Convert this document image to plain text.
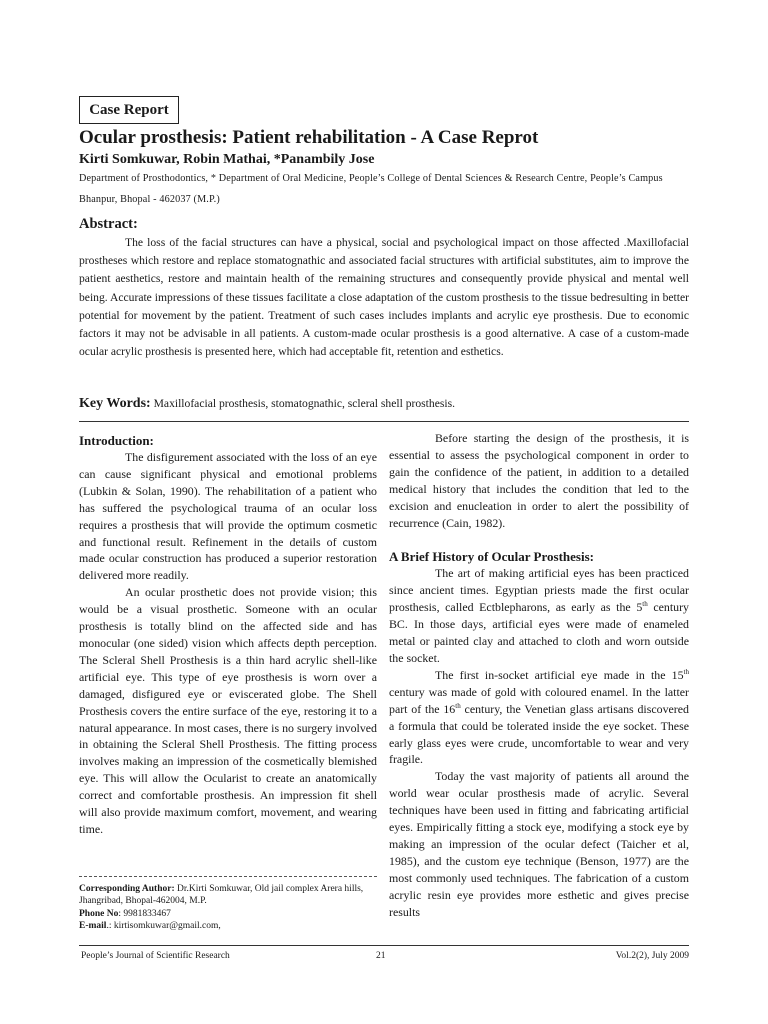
Case Report
Ocular prosthesis: Patient rehabilitation - A Case Reprot
Kirti Somkuwar, Robin Mathai, *Panambily Jose
Department of Prosthodontics, * Department of Oral Medicine, People’s College of Dental Sciences & Research Centre, People’s Campus
Bhanpur, Bhopal - 462037 (M.P.)
Abstract:
The loss of the facial structures can have a physical, social and psychological impact on those affected .Maxillofacial prostheses which restore and replace stomatognathic and associated facial structures with artificial substitutes, aim to improve the patient aesthetics, restore and maintain health of the remaining structures and consequently provide physical and mental well being. Accurate impressions of these tissues facilitate a close adaptation of the custom prosthesis to the tissue bedresulting in better potential for movement by the patient. Treatment of such cases includes implants and acrylic eye prosthesis. Due to economic factors it may not be advisable in all patients. A custom-made ocular prosthesis is a good alternative. A case of a custom-made ocular acrylic prosthesis is presented here, which had acceptable fit, retention and esthetics.
Key Words: Maxillofacial prosthesis, stomatognathic, scleral shell prosthesis.
Introduction:

The disfigurement associated with the loss of an eye can cause significant physical and emotional problems (Lubkin & Solan, 1990). The rehabilitation of a patient who has suffered the psychological trauma of an ocular loss requires a prosthesis that will provide the optimum cosmetic and functional result. Refinement in the details of custom made ocular construction has produced a superior restoration delivered more readily.

An ocular prosthetic does not provide vision; this would be a visual prosthetic. Someone with an ocular prosthesis is totally blind on the affected side and has monocular (one sided) vision which affects depth perception. The Scleral Shell Prosthesis is a thin hard acrylic shell-like artificial eye. This type of eye prosthesis is worn over a damaged, disfigured eye or eviscerated globe. The Shell Prosthesis covers the entire surface of the eye, restoring it to a natural appearance. In most cases, there is no surgery involved in obtaining the Scleral Shell Prosthesis. The fitting process involves making an impression of the cosmetically blemished eye. This will allow the Ocularist to create an anatomically correct and comfortable prosthesis. An impression fit shell will also provide maximum comfort, movement, and wearing time.

Before starting the design of the prosthesis, it is essential to assess the psychological component in order to gain the confidence of the patient, in addition to a detailed medical history that includes the condition that led to the excision and enucleation in order to alert the possibility of recurrence (Cain, 1982).

A Brief History of Ocular Prosthesis:

The art of making artificial eyes has been practiced since ancient times. Egyptian priests made the first ocular prosthesis, called Ectblepharons, as early as the 5th century BC. In those days, artificial eyes were made of enameled metal or painted clay and attached to cloth and worn outside the socket.

The first in-socket artificial eye made in the 15th century was made of gold with coloured enamel. In the latter part of the 16th century, the Venetian glass artisans discovered a formula that could be tolerated inside the eye socket. These early glass eyes were crude, uncomfortable to wear and very fragile.

Today the vast majority of patients all around the world wear ocular prosthesis made of acrylic. Several techniques have been used in fitting and fabricating artificial eyes. Empirically fitting a stock eye, modifying a stock eye by making an impression of the ocular defect (Taicher et al, 1985), and the custom eye technique (Benson, 1977) are the most commonly used techniques. The fabrication of a custom acrylic resin eye provides more esthetic and gives precise results

Corresponding Author: Dr.Kirti Somkuwar, Old jail complex Arera hills, Jhangribad, Bhopal-462004, M.P.
Phone No: 9981833467
E-mail.: kirtisomkuwar@gmail.com,
People’s Journal of Scientific Research	21	Vol.2(2), July 2009
